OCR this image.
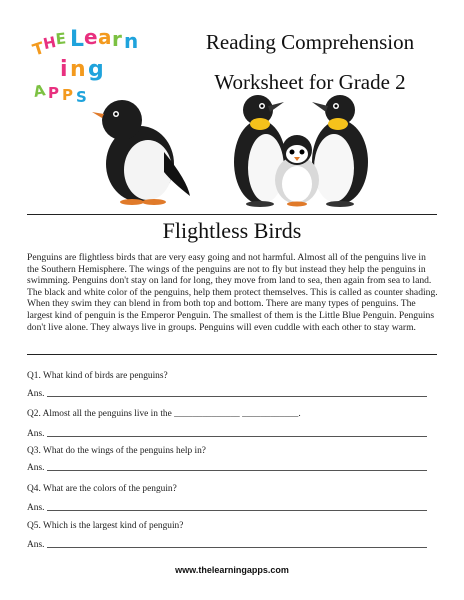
T
H
E L e a r n
i n g
A P P S
Reading Comprehension
Worksheet for Grade 2
Flightless Birds

Penguins are flightless birds that are very easy going and not harmful. Almost all of the penguins live in the Southern Hemisphere. The wings of the penguins are not to fly but instead they help the penguins in swimming. Penguins don't stay on land for long, they move from land to sea, then again from sea to land. The black and white color of the penguins, help them protect themselves. This is called as counter shading. When they swim they can blend in from both top and bottom. There are many types of penguins. The largest kind of penguin is the Emperor Penguin. The smallest of them is the Little Blue Penguin. Penguins don't live alone. They always live in groups. Penguins will even cuddle with each other to stay warm.

Q1. What kind of birds are penguins?
Ans.
Q2. Almost all the penguins live in the ______________ ____________.
Ans.
Q3. What do the wings of the penguins help in?
Ans.
Q4. What are the colors of the penguin?
Ans.
Q5. Which is the largest kind of penguin?
Ans.
www.thelearningapps.com
